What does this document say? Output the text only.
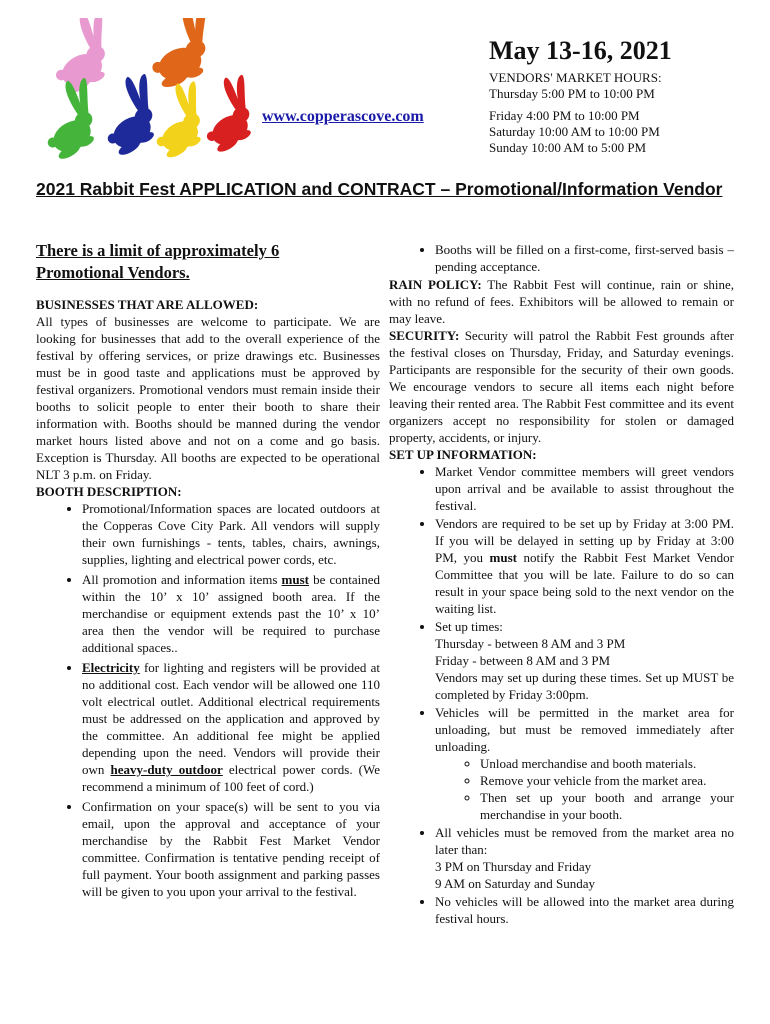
www.copperascove.com
May 13-16, 2021
VENDORS' MARKET HOURS:
Thursday 5:00 PM to 10:00 PM
Friday 4:00 PM to 10:00 PM
Saturday 10:00 AM to 10:00 PM
Sunday 10:00 AM to 5:00 PM
2021 Rabbit Fest APPLICATION and CONTRACT – Promotional/Information Vendor
There is a limit of approximately 6 Promotional Vendors.
BUSINESSES THAT ARE ALLOWED:

All types of businesses are welcome to participate. We are looking for businesses that add to the overall experience of the festival by offering services, or prize drawings etc. Businesses must be in good taste and applications must be approved by festival organizers. Promotional vendors must remain inside their booths to solicit people to enter their booth to share their information with. Booths should be manned during the vendor market hours listed above and not on a come and go basis. Exception is Thursday. All booths are expected to be operational NLT 3 p.m. on Friday.

BOOTH DESCRIPTION:
• Promotional/Information spaces are located outdoors at the Copperas Cove City Park. All vendors will supply their own furnishings - tents, tables, chairs, awnings, supplies, lighting and electrical power cords, etc.
• All promotion and information items must be contained within the 10’ x 10’ assigned booth area. If the merchandise or equipment extends past the 10’ x 10’ area then the vendor will be required to purchase additional spaces..
• Electricity for lighting and registers will be provided at no additional cost. Each vendor will be allowed one 110 volt electrical outlet. Additional electrical requirements must be addressed on the application and approved by the committee. An additional fee might be applied depending upon the need. Vendors will provide their own heavy-duty outdoor electrical power cords. (We recommend a minimum of 100 feet of cord.)
• Confirmation on your space(s) will be sent to you via email, upon the approval and acceptance of your merchandise by the Rabbit Fest Market Vendor committee. Confirmation is tentative pending receipt of full payment. Your booth assignment and parking passes will be given to you upon your arrival to the festival.
• Booths will be filled on a first-come, first-served basis – pending acceptance.

RAIN POLICY: The Rabbit Fest will continue, rain or shine, with no refund of fees. Exhibitors will be allowed to remain or may leave.

SECURITY: Security will patrol the Rabbit Fest grounds after the festival closes on Thursday, Friday, and Saturday evenings. Participants are responsible for the security of their own goods. We encourage vendors to secure all items each night before leaving their rented area. The Rabbit Fest committee and its event organizers accept no responsibility for stolen or damaged property, accidents, or injury.

SET UP INFORMATION:
• Market Vendor committee members will greet vendors upon arrival and be available to assist throughout the festival.
• Vendors are required to be set up by Friday at 3:00 PM. If you will be delayed in setting up by Friday at 3:00 PM, you must notify the Rabbit Fest Market Vendor Committee that you will be late. Failure to do so can result in your space being sold to the next vendor on the waiting list.
• Set up times:
Thursday - between 8 AM and 3 PM
Friday - between 8 AM and 3 PM
Vendors may set up during these times. Set up MUST be completed by Friday 3:00pm.
• Vehicles will be permitted in the market area for unloading, but must be removed immediately after unloading.
◦ Unload merchandise and booth materials.
◦ Remove your vehicle from the market area.
◦ Then set up your booth and arrange your merchandise in your booth.
• All vehicles must be removed from the market area no later than:
3 PM on Thursday and Friday
9 AM on Saturday and Sunday
• No vehicles will be allowed into the market area during festival hours.
